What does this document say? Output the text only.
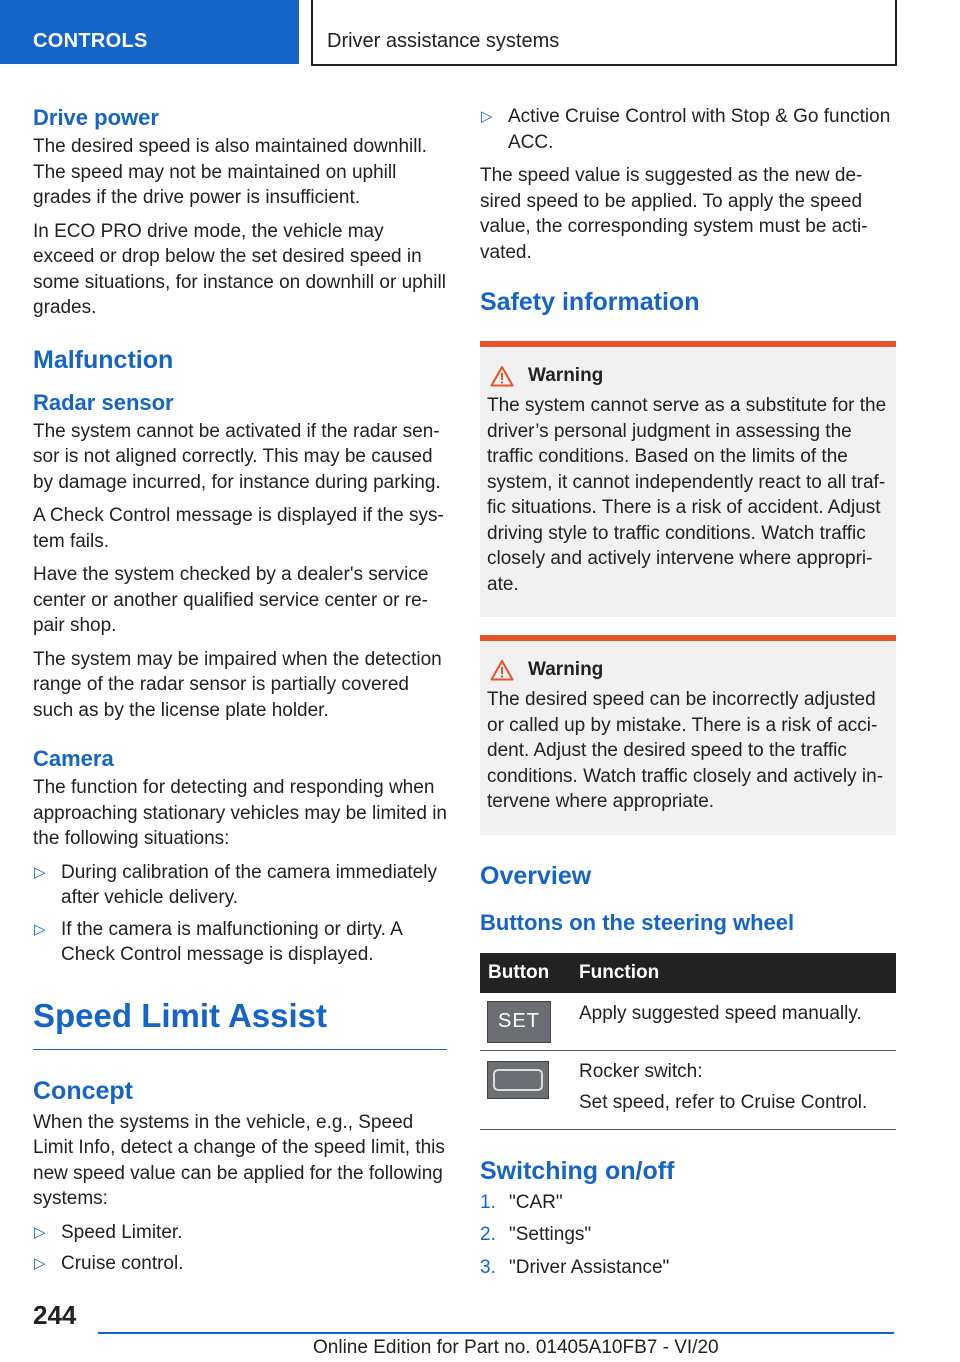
CONTROLS	Driver assistance systems
Drive power

The desired speed is also maintained downhill. The speed may not be maintained on uphill grades if the drive power is insufficient.

In ECO PRO drive mode, the vehicle may exceed or drop below the set desired speed in some situations, for instance on downhill or uphill grades.

Malfunction
Radar sensor

The system cannot be activated if the radar sensor is not aligned correctly. This may be caused by damage incurred, for instance during parking.

A Check Control message is displayed if the system fails.

Have the system checked by a dealer's service center or another qualified service center or repair shop.

The system may be impaired when the detection range of the radar sensor is partially covered such as by the license plate holder.

Camera

The function for detecting and responding when approaching stationary vehicles may be limited in the following situations:

▷ During calibration of the camera immediately after vehicle delivery.
▷ If the camera is malfunctioning or dirty. A Check Control message is displayed.
Speed Limit Assist
Concept

When the systems in the vehicle, e.g., Speed Limit Info, detect a change of the speed limit, this new speed value can be applied for the following systems:

▷ Speed Limiter.
▷ Cruise control.
▷ Active Cruise Control with Stop & Go function ACC.

The speed value is suggested as the new desired speed to be applied. To apply the speed value, the corresponding system must be activated.

Safety information
Warning

The system cannot serve as a substitute for the driver’s personal judgment in assessing the traffic conditions. Based on the limits of the system, it cannot independently react to all traffic situations. There is a risk of accident. Adjust driving style to traffic conditions. Watch traffic closely and actively intervene where appropriate.

Warning

The desired speed can be incorrectly adjusted or called up by mistake. There is a risk of accident. Adjust the desired speed to the traffic conditions. Watch traffic closely and actively intervene where appropriate.

Overview
Buttons on the steering wheel
Button	Function

SET	Apply suggested speed manually.

	Rocker switch:
Set speed, refer to Cruise Control.
Switching on/off
1. "CAR"
2. "Settings"
3. "Driver Assistance"
244
Online Edition for Part no. 01405A10FB7 - VI/20
